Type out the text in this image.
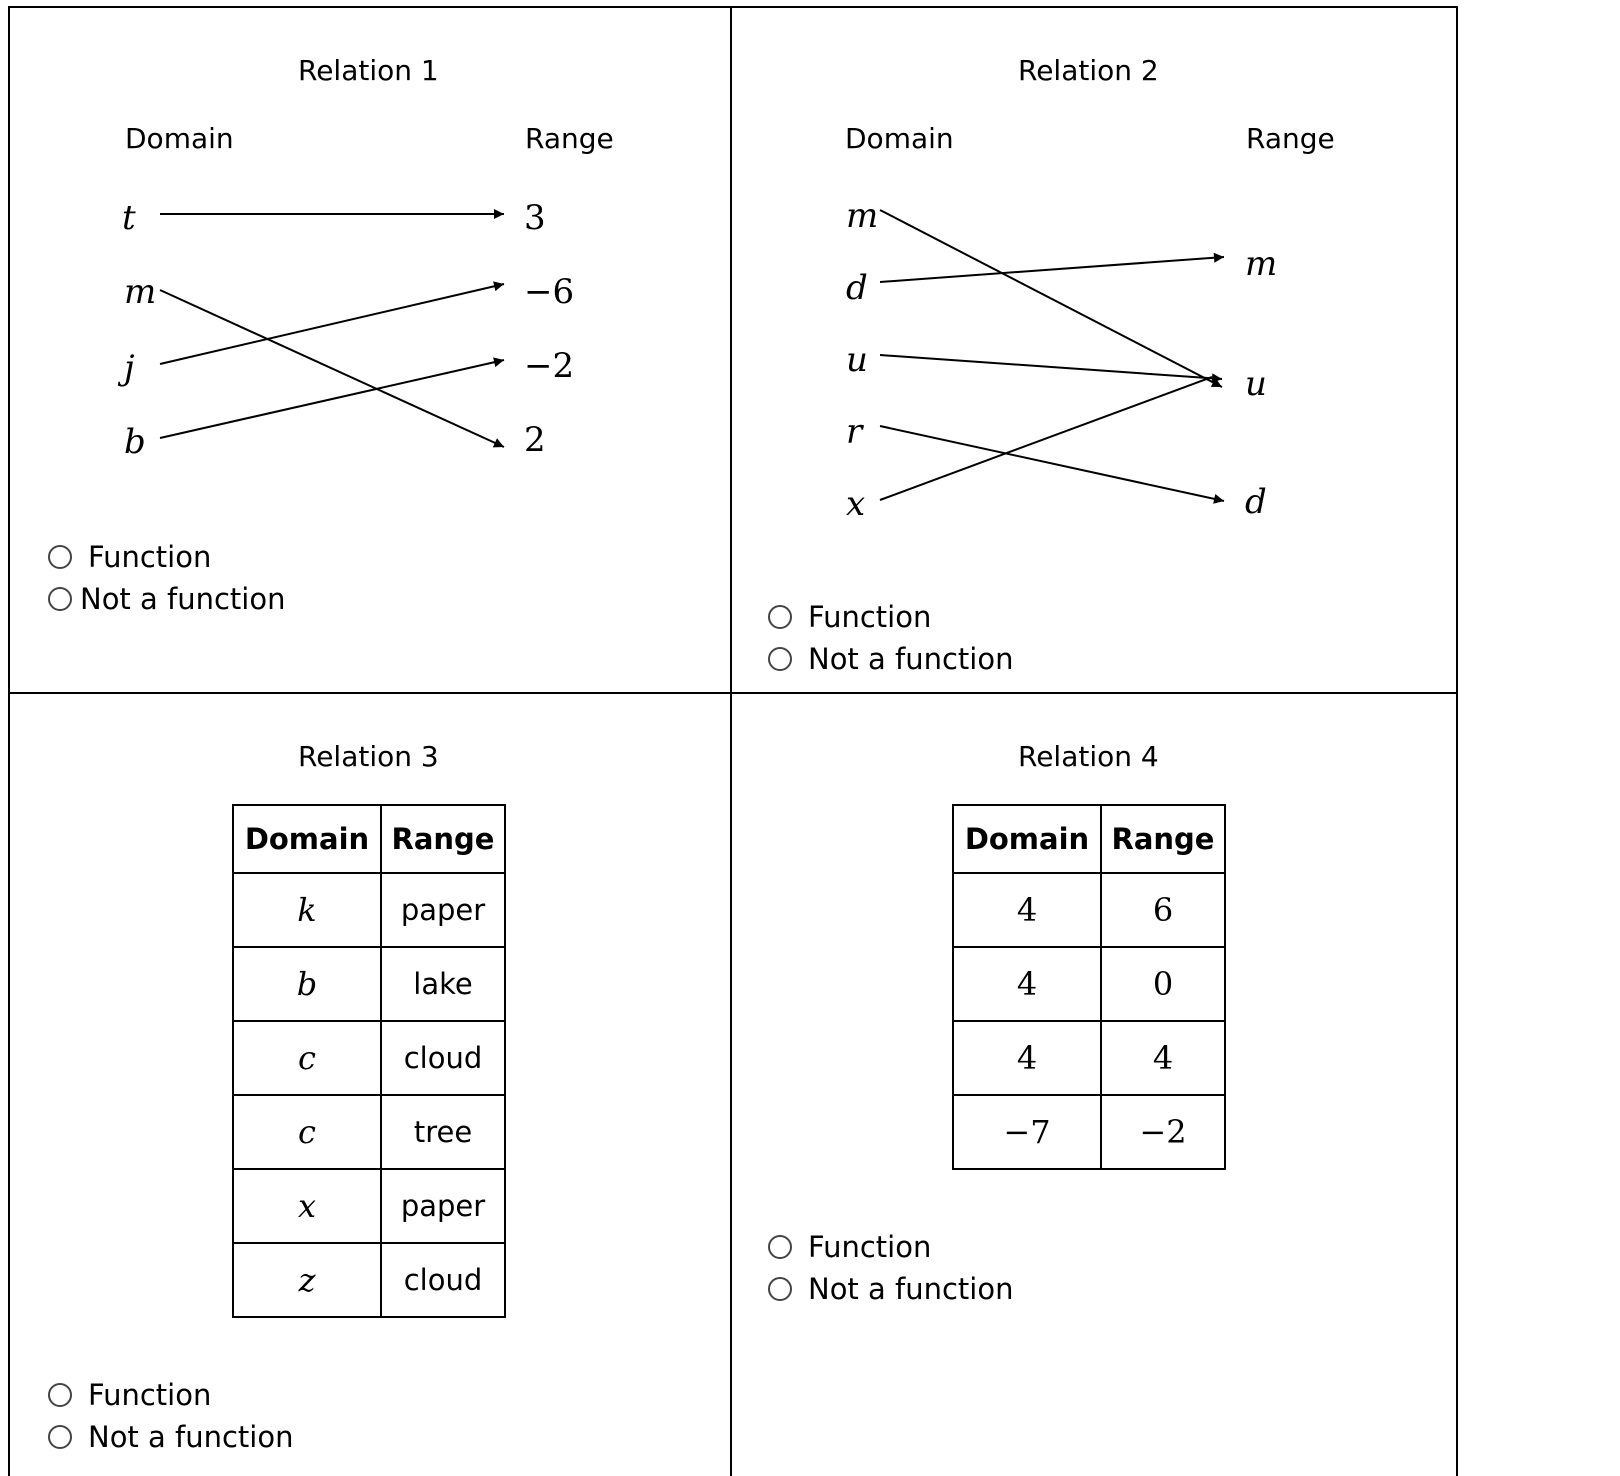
Relation 1
Domain	Range
t
m
j
b
3
−6
−2
2
Function
Not a function
Relation 2
Domain	Range
m
d
u
r
x
m
u
d
Function
Not a function
Relation 3
Domain	Range
k	paper
b	lake
c	cloud
c	tree
x	paper
z	cloud
Function
Not a function
Relation 4
Domain	Range
4	6
4	0
4	4
−7	−2
Function
Not a function
